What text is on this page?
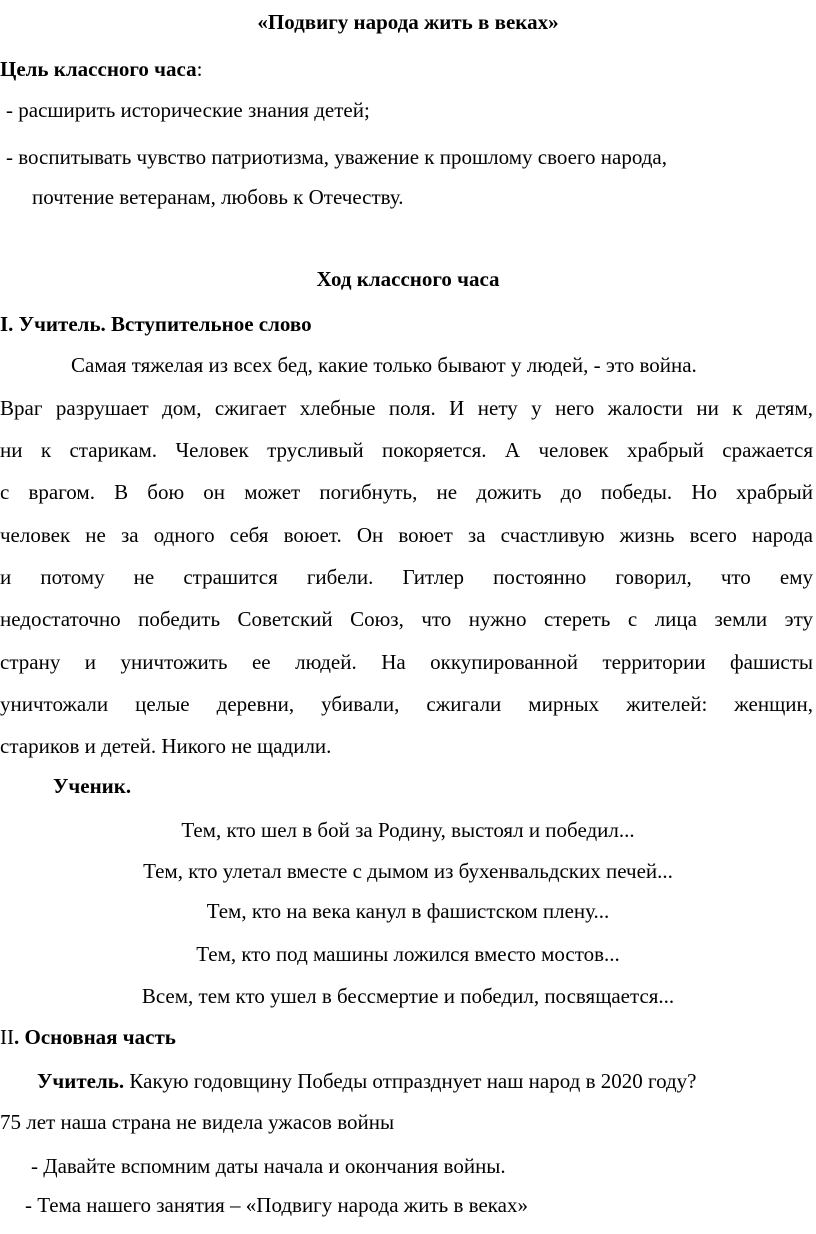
«Подвигу народа жить в веках»
Цель классного часа:
- расширить исторические знания детей;
- воспитывать чувство патриотизма, уважение к прошлому своего народа,
почтение ветеранам, любовь к Отечеству.
Ход классного часа
I. Учитель. Вступительное слово
Самая тяжелая из всех бед, какие только бывают у людей, - это война.
Враг разрушает дом, сжигает хлебные поля. И нету у него жалости ни к детям,
ни к старикам. Человек трусливый покоряется. А человек храбрый сражается
с врагом. В бою он может погибнуть, не дожить до победы. Но храбрый
человек не за одного себя воюет. Он воюет за счастливую жизнь всего народа
и потому не страшится гибели. Гитлер постоянно говорил, что ему
недостаточно победить Советский Союз, что нужно стереть с лица земли эту
страну и уничтожить ее людей. На оккупированной территории фашисты
уничтожали целые деревни, убивали, сжигали мирных жителей: женщин,
стариков и детей. Никого не щадили.
Ученик.
Тем, кто шел в бой за Родину, выстоял и победил...
Тем, кто улетал вместе с дымом из бухенвальдских печей...
Тем, кто на века канул в фашистском плену...
Тем, кто под машины ложился вместо мостов...
Всем, тем кто ушел в бессмертие и победил, посвящается...
II. Основная часть
Учитель. Какую годовщину Победы отпразднует наш народ в 2020 году?
75 лет наша страна не видела ужасов войны
- Давайте вспомним даты начала и окончания войны.
- Тема нашего занятия – «Подвигу народа жить в веках»
